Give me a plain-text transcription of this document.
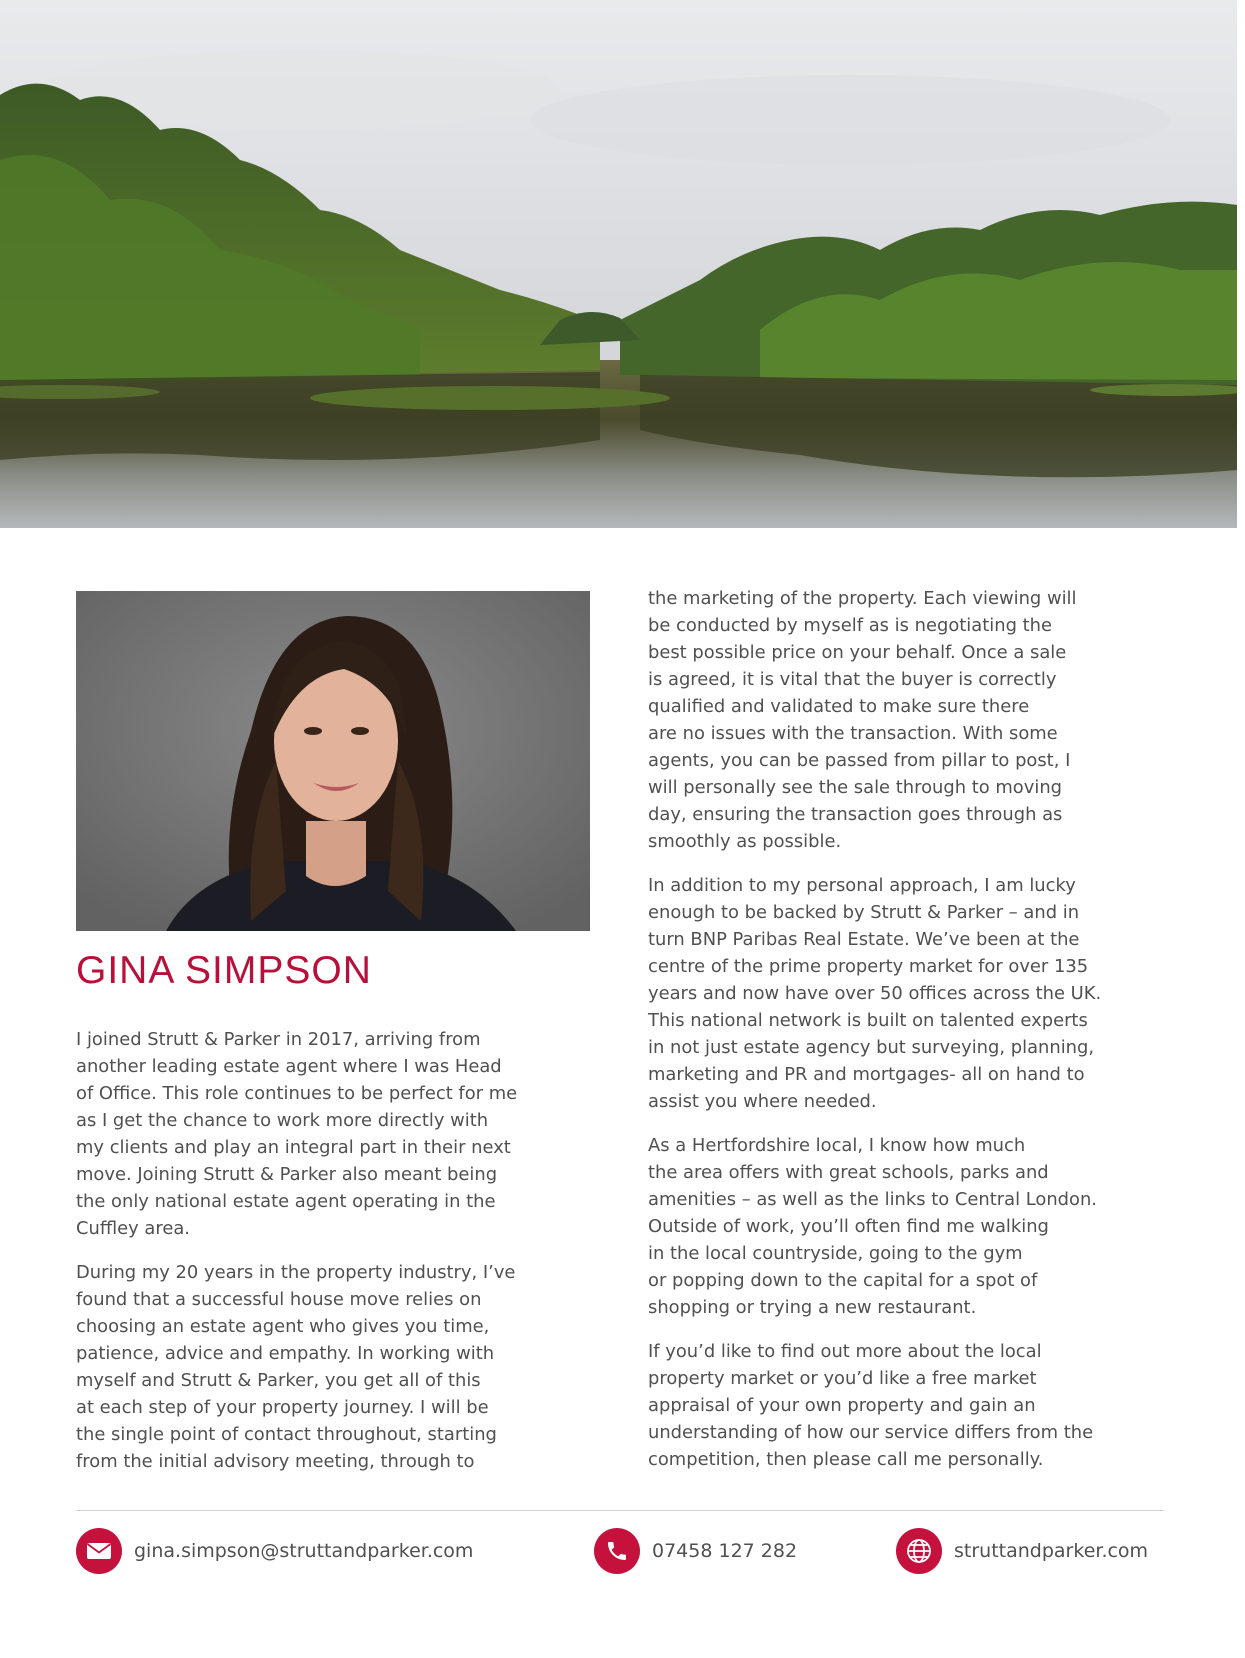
GINA SIMPSON

I joined Strutt & Parker in 2017, arriving from
another leading estate agent where I was Head
of Office. This role continues to be perfect for me
as I get the chance to work more directly with
my clients and play an integral part in their next
move. Joining Strutt & Parker also meant being
the only national estate agent operating in the
Cuffley area.

During my 20 years in the property industry, I’ve
found that a successful house move relies on
choosing an estate agent who gives you time,
patience, advice and empathy. In working with
myself and Strutt & Parker, you get all of this
at each step of your property journey. I will be
the single point of contact throughout, starting
from the initial advisory meeting, through to

the marketing of the property. Each viewing will
be conducted by myself as is negotiating the
best possible price on your behalf. Once a sale
is agreed, it is vital that the buyer is correctly
qualified and validated to make sure there
are no issues with the transaction. With some
agents, you can be passed from pillar to post, I
will personally see the sale through to moving
day, ensuring the transaction goes through as
smoothly as possible.

In addition to my personal approach, I am lucky
enough to be backed by Strutt & Parker – and in
turn BNP Paribas Real Estate. We’ve been at the
centre of the prime property market for over 135
years and now have over 50 offices across the UK.
This national network is built on talented experts
in not just estate agency but surveying, planning,
marketing and PR and mortgages- all on hand to
assist you where needed.

As a Hertfordshire local, I know how much
the area offers with great schools, parks and
amenities – as well as the links to Central London.
Outside of work, you’ll often find me walking
in the local countryside, going to the gym
or popping down to the capital for a spot of
shopping or trying a new restaurant.

If you’d like to find out more about the local
property market or you’d like a free market
appraisal of your own property and gain an
understanding of how our service differs from the
competition, then please call me personally.

gina.simpson@struttandparker.com	07458 127 282	struttandparker.com
